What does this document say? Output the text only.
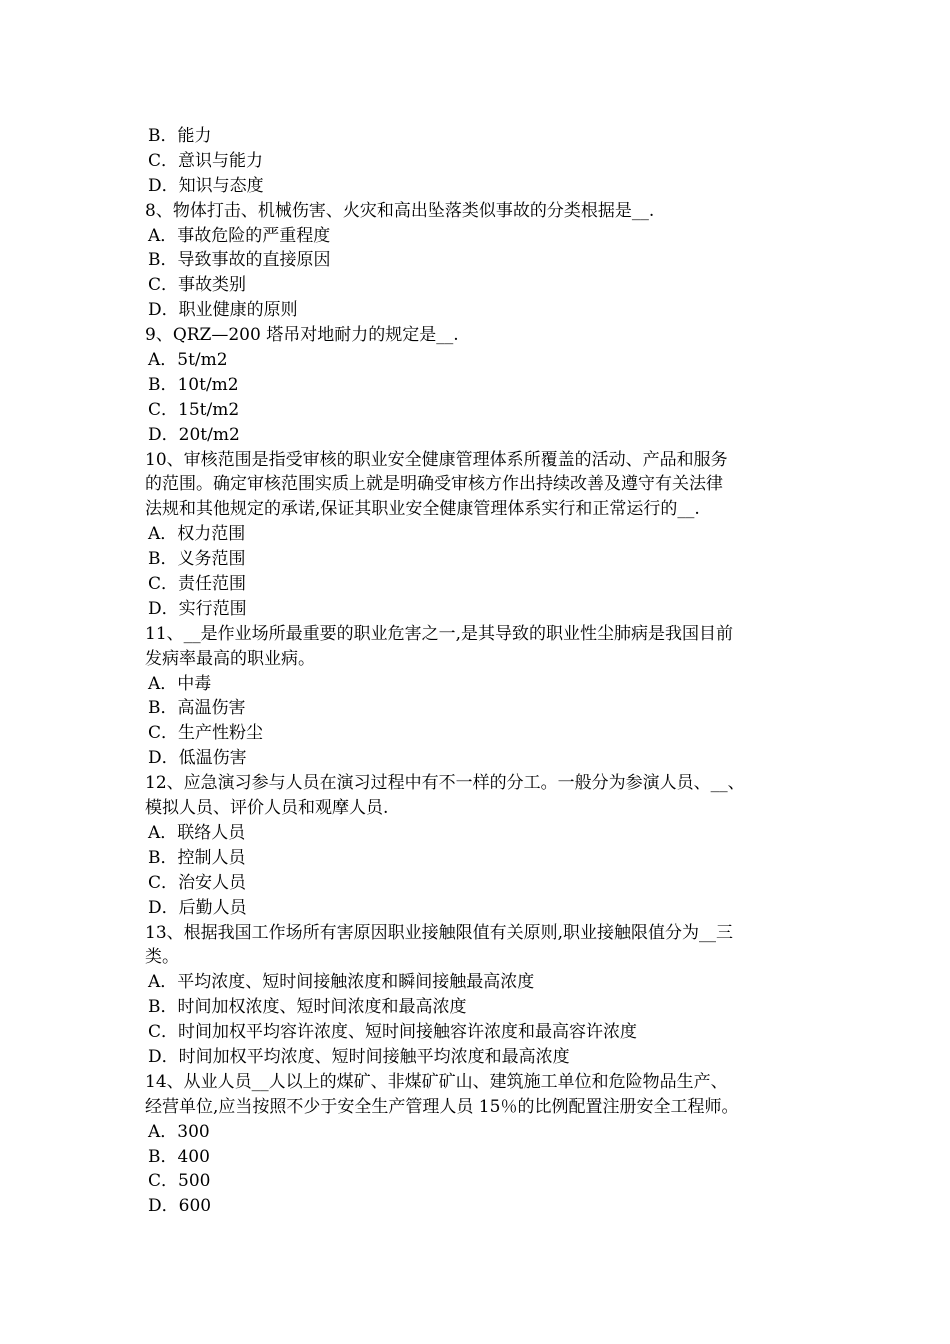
B．能力
C．意识与能力
D．知识与态度
8、物体打击、机械伤害、火灾和高出坠落类似事故的分类根据是__.
A．事故危险的严重程度
B．导致事故的直接原因
C．事故类别
D．职业健康的原则
9、QRZ—200 塔吊对地耐力的规定是__.
A．5t/m2
B．10t/m2
C．15t/m2
D．20t/m2
10、审核范围是指受审核的职业安全健康管理体系所覆盖的活动、产品和服务
的范围。确定审核范围实质上就是明确受审核方作出持续改善及遵守有关法律
法规和其他规定的承诺,保证其职业安全健康管理体系实行和正常运行的__.
A．权力范围
B．义务范围
C．责任范围
D．实行范围
11、__是作业场所最重要的职业危害之一,是其导致的职业性尘肺病是我国目前
发病率最高的职业病。
A．中毒
B．高温伤害
C．生产性粉尘
D．低温伤害
12、应急演习参与人员在演习过程中有不一样的分工。一般分为参演人员、__、
模拟人员、评价人员和观摩人员.
A．联络人员
B．控制人员
C．治安人员
D．后勤人员
13、根据我国工作场所有害原因职业接触限值有关原则,职业接触限值分为__三
类。
A．平均浓度、短时间接触浓度和瞬间接触最高浓度
B．时间加权浓度、短时间浓度和最高浓度
C．时间加权平均容许浓度、短时间接触容许浓度和最高容许浓度
D．时间加权平均浓度、短时间接触平均浓度和最高浓度
14、从业人员__人以上的煤矿、非煤矿矿山、建筑施工单位和危险物品生产、
经营单位,应当按照不少于安全生产管理人员 15％的比例配置注册安全工程师。
A．300
B．400
C．500
D．600
